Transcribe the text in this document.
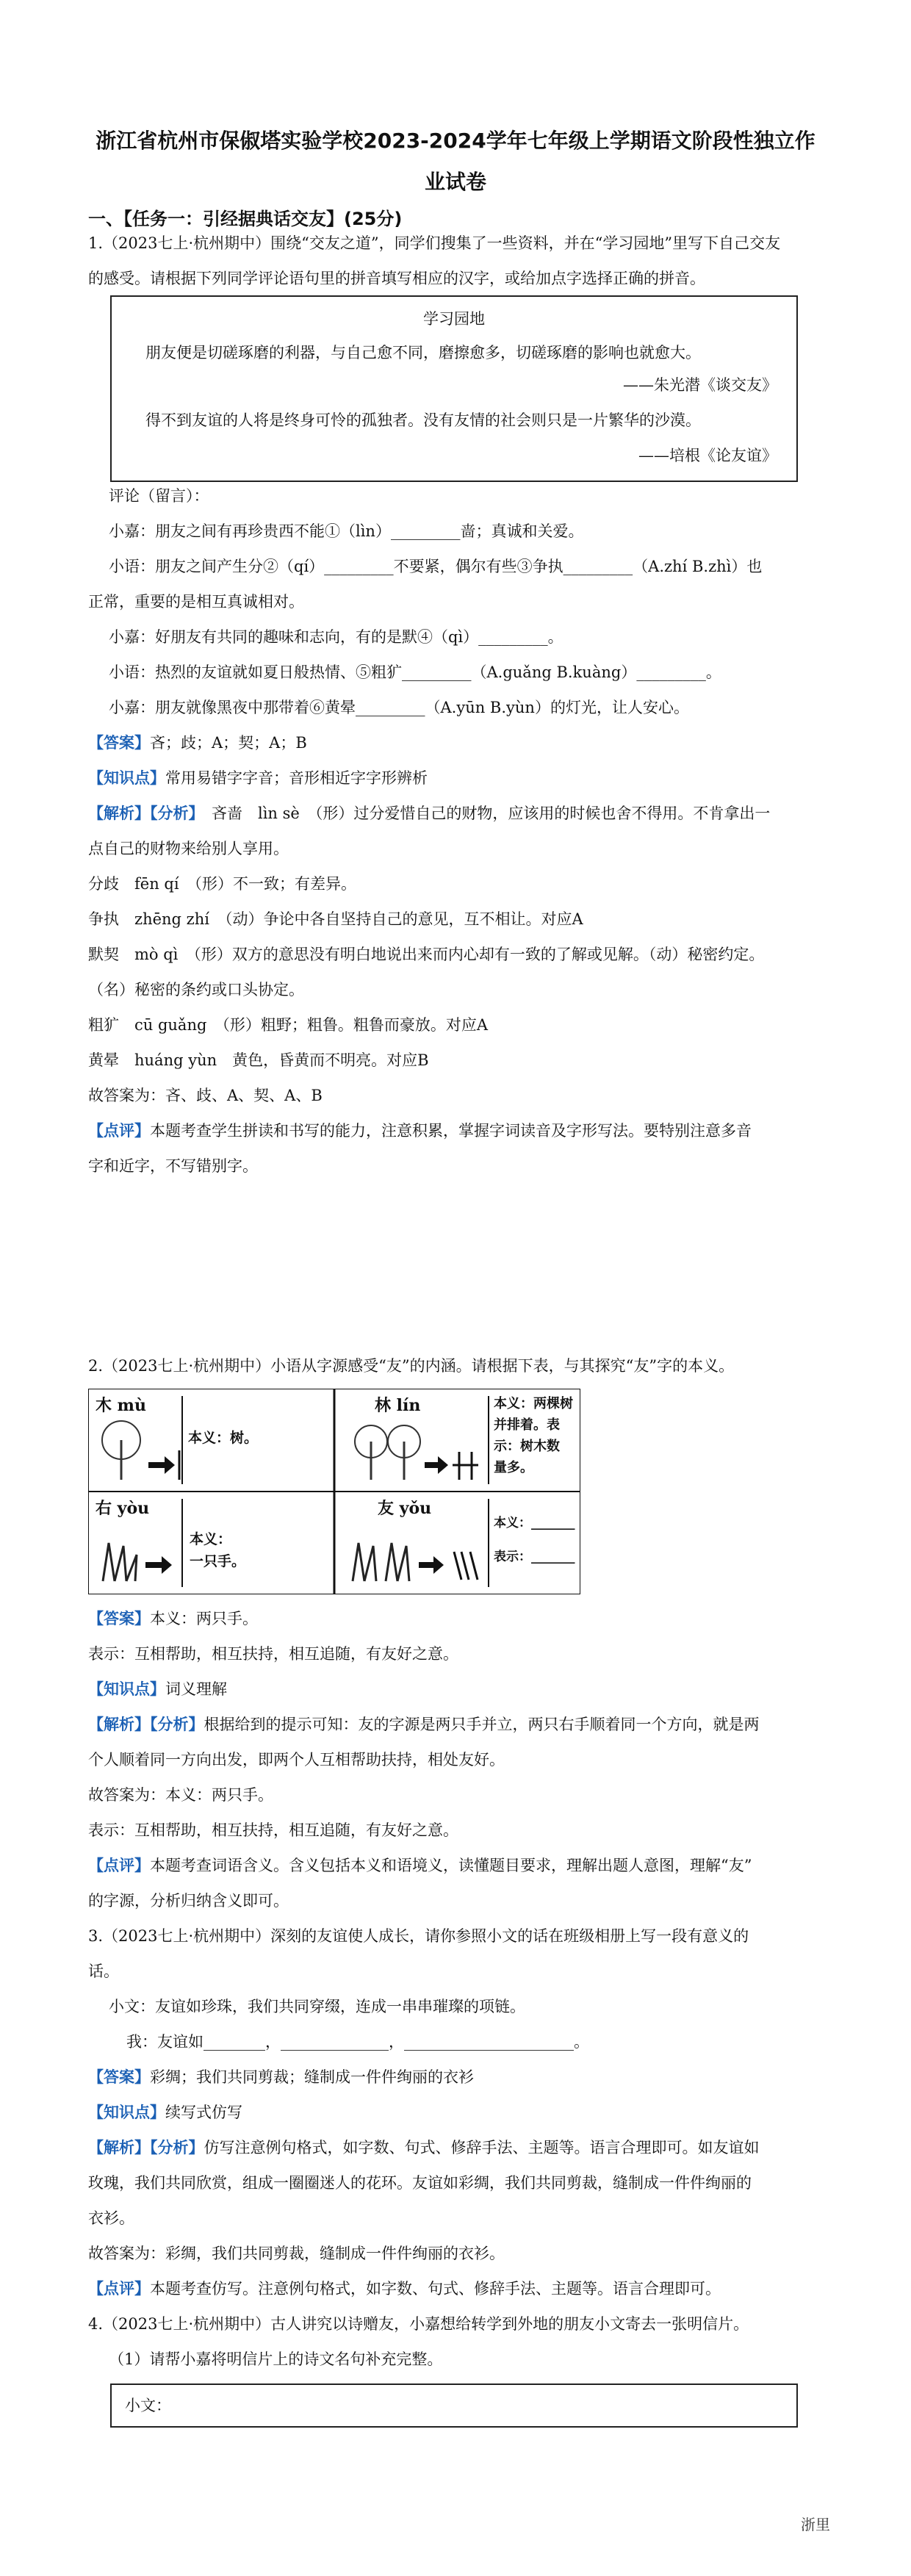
浙江省杭州市保俶塔实验学校2023-2024学年七年级上学期语文阶段性独立作
业试卷
一、【任务一：引经据典话交友】(25分)
1.（2023七上·杭州期中）围绕“交友之道”，同学们搜集了一些资料，并在“学习园地”里写下自己交友
的感受。请根据下列同学评论语句里的拼音填写相应的汉字，或给加点字选择正确的拼音。
学习园地
朋友便是切磋琢磨的利器，与自己愈不同，磨擦愈多，切磋琢磨的影响也就愈大。
——朱光潜《谈交友》
得不到友谊的人将是终身可怜的孤独者。没有友情的社会则只是一片繁华的沙漠。
——培根《论友谊》
评论（留言）：
小嘉：朋友之间有再珍贵西不能①（lìn）_________啬；真诚和关爱。
小语：朋友之间产生分②（qí）_________不要紧，偶尔有些③争执_________（A.zhí B.zhì）也
正常，重要的是相互真诚相对。
小嘉：好朋友有共同的趣味和志向，有的是默④（qì）_________。
小语：热烈的友谊就如夏日般热情、⑤粗犷_________（A.guǎng B.kuàng）_________。
小嘉：朋友就像黑夜中那带着⑥黄晕_________（A.yūn B.yùn）的灯光，让人安心。
【答案】吝；歧；A；契；A；B
【知识点】常用易错字字音；音形相近字字形辨析
【解析】【分析】　吝啬　lìn sè　（形）过分爱惜自己的财物，应该用的时候也舍不得用。不肯拿出一
点自己的财物来给别人享用。
分歧　fēn qí　（形）不一致；有差异。
争执　zhēng zhí　（动）争论中各自坚持自己的意见，互不相让。对应A
默契　mò qì　（形）双方的意思没有明白地说出来而内心却有一致的了解或见解。（动）秘密约定。
（名）秘密的条约或口头协定。
粗犷　cū guǎng　（形）粗野；粗鲁。粗鲁而豪放。对应A
黄晕　huáng yùn　黄色，昏黄而不明亮。对应B
故答案为：吝、歧、A、契、A、B
【点评】本题考查学生拼读和书写的能力，注意积累，掌握字词读音及字形写法。要特别注意多音
字和近字，不写错别字。
2.（2023七上·杭州期中）小语从字源感受“友”的内涵。请根据下表，与其探究“友”字的本义。
木 mù
本义：树。
林 lín	本义：两棵树
并排着。表
示：树木数
量多。
右 yòu
本义：
一只手。
友 yǒu
本义：_______
表示：_______
【答案】本义：两只手。
表示：互相帮助，相互扶持，相互追随，有友好之意。
【知识点】词义理解
【解析】【分析】根据给到的提示可知：友的字源是两只手并立，两只右手顺着同一个方向，就是两
个人顺着同一方向出发，即两个人互相帮助扶持，相处友好。
故答案为：本义：两只手。
表示：互相帮助，相互扶持，相互追随，有友好之意。
【点评】本题考查词语含义。含义包括本义和语境义，读懂题目要求，理解出题人意图，理解“友”
的字源，分析归纳含义即可。
3.（2023七上·杭州期中）深刻的友谊使人成长，请你参照小文的话在班级相册上写一段有意义的
话。
小文：友谊如珍珠，我们共同穿缀，连成一串串璀璨的项链。
我：友谊如________，______________，______________________。
【答案】彩绸；我们共同剪裁；缝制成一件件绚丽的衣衫
【知识点】续写式仿写
【解析】【分析】仿写注意例句格式，如字数、句式、修辞手法、主题等。语言合理即可。如友谊如
玫瑰，我们共同欣赏，组成一圈圈迷人的花环。友谊如彩绸，我们共同剪裁，缝制成一件件绚丽的
衣衫。
故答案为：彩绸，我们共同剪裁，缝制成一件件绚丽的衣衫。
【点评】本题考查仿写。注意例句格式，如字数、句式、修辞手法、主题等。语言合理即可。
4.（2023七上·杭州期中）古人讲究以诗赠友，小嘉想给转学到外地的朋友小文寄去一张明信片。
（1）请帮小嘉将明信片上的诗文名句补充完整。
小文：
浙里
